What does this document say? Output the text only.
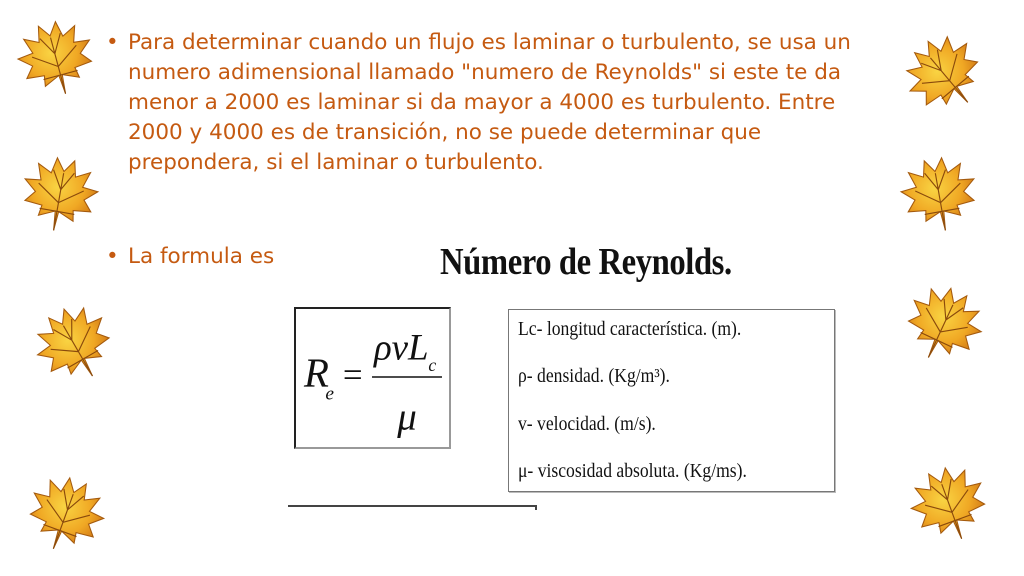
• Para determinar cuando un flujo es laminar o turbulento, se usa un numero adimensional llamado "numero de Reynolds" si este te da menor a 2000 es laminar si da mayor a 4000 es turbulento. Entre 2000 y 4000 es de transición, no se puede determinar que prepondera, si el laminar o turbulento.
• La formula es	Número de Reynolds.
R
e =
ρvL c
μ
Lc- longitud característica. (m).
ρ- densidad. (Kg/m³).
v- velocidad. (m/s).
μ- viscosidad absoluta. (Kg/ms).
